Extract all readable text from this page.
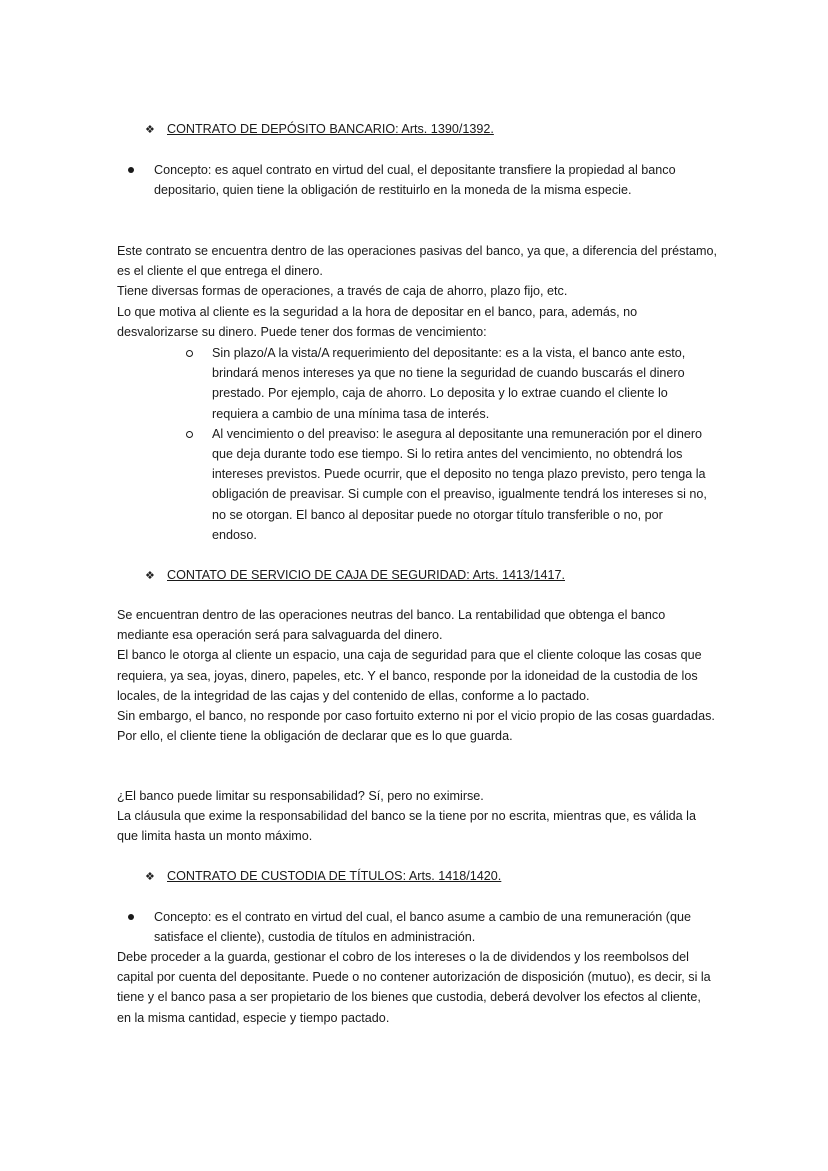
❖ CONTRATO DE DEPÓSITO BANCARIO: Arts. 1390/1392.
Concepto: es aquel contrato en virtud del cual, el depositante transfiere la propiedad al banco depositario, quien tiene la obligación de restituirlo en la moneda de la misma especie.

Este contrato se encuentra dentro de las operaciones pasivas del banco, ya que, a diferencia del préstamo, es el cliente el que entrega el dinero.

Tiene diversas formas de operaciones, a través de caja de ahorro, plazo fijo, etc.

Lo que motiva al cliente es la seguridad a la hora de depositar en el banco, para, además, no desvalorizarse su dinero. Puede tener dos formas de vencimiento:

Sin plazo/A la vista/A requerimiento del depositante: es a la vista, el banco ante esto, brindará menos intereses ya que no tiene la seguridad de cuando buscarás el dinero prestado. Por ejemplo, caja de ahorro. Lo deposita y lo extrae cuando el cliente lo requiera a cambio de una mínima tasa de interés.
Al vencimiento o del preaviso: le asegura al depositante una remuneración por el dinero que deja durante todo ese tiempo. Si lo retira antes del vencimiento, no obtendrá los intereses previstos. Puede ocurrir, que el deposito no tenga plazo previsto, pero tenga la obligación de preavisar. Si cumple con el preaviso, igualmente tendrá los intereses si no, no se otorgan. El banco al depositar puede no otorgar título transferible o no, por endoso.
❖ CONTATO DE SERVICIO DE CAJA DE SEGURIDAD: Arts. 1413/1417.

Se encuentran dentro de las operaciones neutras del banco. La rentabilidad que obtenga el banco mediante esa operación será para salvaguarda del dinero.

El banco le otorga al cliente un espacio, una caja de seguridad para que el cliente coloque las cosas que requiera, ya sea, joyas, dinero, papeles, etc. Y el banco, responde por la idoneidad de la custodia de los locales, de la integridad de las cajas y del contenido de ellas, conforme a lo pactado.

Sin embargo, el banco, no responde por caso fortuito externo ni por el vicio propio de las cosas guardadas. Por ello, el cliente tiene la obligación de declarar que es lo que guarda.

¿El banco puede limitar su responsabilidad? Sí, pero no eximirse.

La cláusula que exime la responsabilidad del banco se la tiene por no escrita, mientras que, es válida la que limita hasta un monto máximo.

❖ CONTRATO DE CUSTODIA DE TÍTULOS: Arts. 1418/1420.
Concepto: es el contrato en virtud del cual, el banco asume a cambio de una remuneración (que satisface el cliente), custodia de títulos en administración.

Debe proceder a la guarda, gestionar el cobro de los intereses o la de dividendos y los reembolsos del capital por cuenta del depositante. Puede o no contener autorización de disposición (mutuo), es decir, si la tiene y el banco pasa a ser propietario de los bienes que custodia, deberá devolver los efectos al cliente, en la misma cantidad, especie y tiempo pactado.
